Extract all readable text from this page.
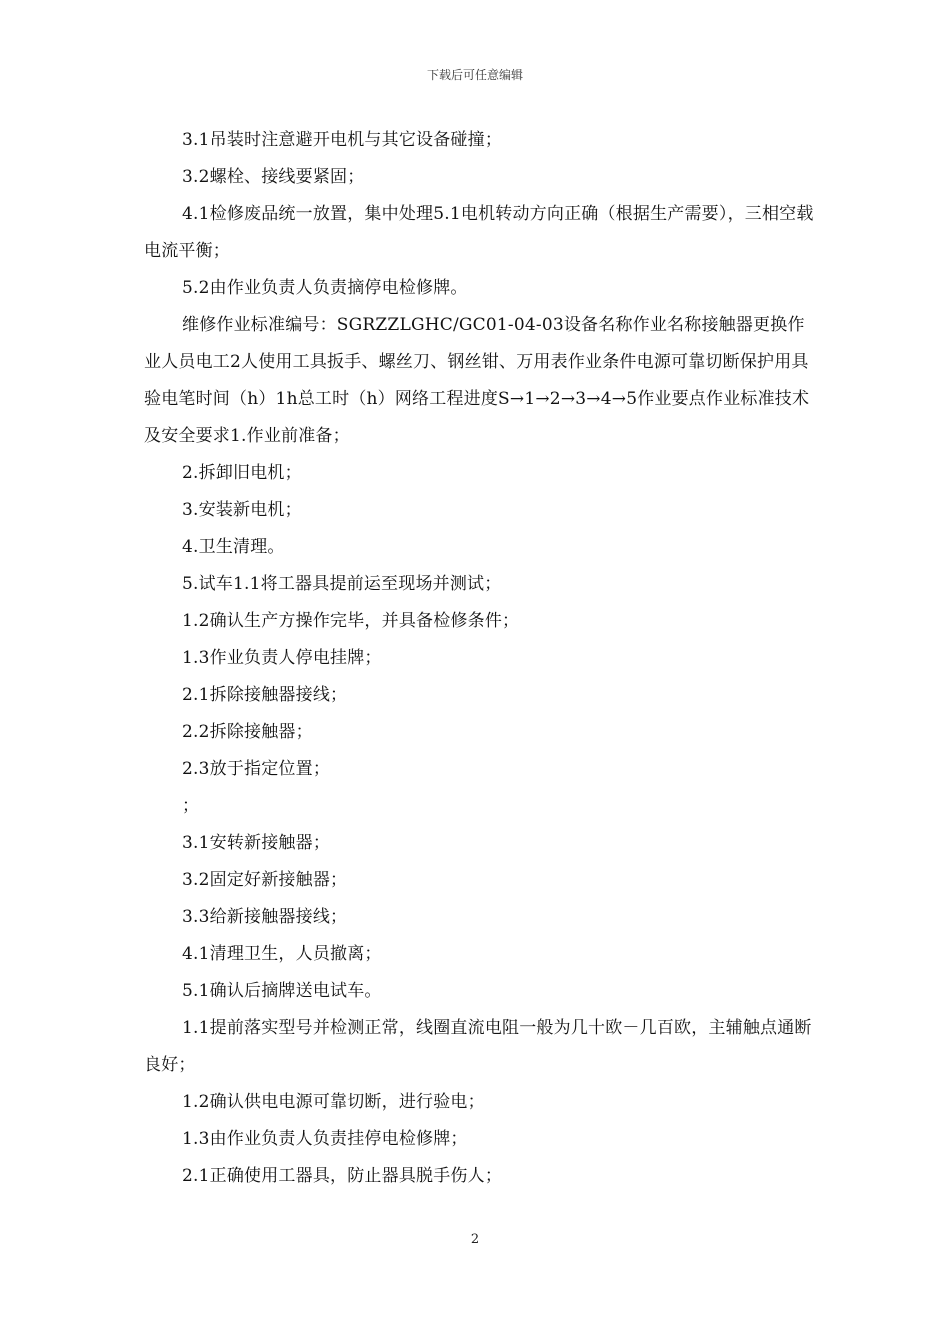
下载后可任意编辑

3.1吊装时注意避开电机与其它设备碰撞；

3.2螺栓、接线要紧固；

4.1检修废品统一放置，集中处理5.1电机转动方向正确（根据生产需要），三相空载电流平衡；

5.2由作业负责人负责摘停电检修牌。

维修作业标准编号：SGRZZLGHC/GC01-04-03设备名称作业名称接触器更换作业人员电工2人使用工具扳手、螺丝刀、钢丝钳、万用表作业条件电源可靠切断保护用具验电笔时间（h）1h总工时（h）网络工程进度S→1→2→3→4→5作业要点作业标准技术及安全要求1.作业前准备；

2.拆卸旧电机；

3.安装新电机；

4.卫生清理。

5.试车1.1将工器具提前运至现场并测试；

1.2确认生产方操作完毕，并具备检修条件；

1.3作业负责人停电挂牌；

2.1拆除接触器接线；

2.2拆除接触器；

2.3放于指定位置；

；

3.1安转新接触器；

3.2固定好新接触器；

3.3给新接触器接线；

4.1清理卫生，人员撤离；

5.1确认后摘牌送电试车。

1.1提前落实型号并检测正常，线圈直流电阻一般为几十欧－几百欧，主辅触点通断良好；

1.2确认供电电源可靠切断，进行验电；

1.3由作业负责人负责挂停电检修牌；

2.1正确使用工器具，防止器具脱手伤人；

2
